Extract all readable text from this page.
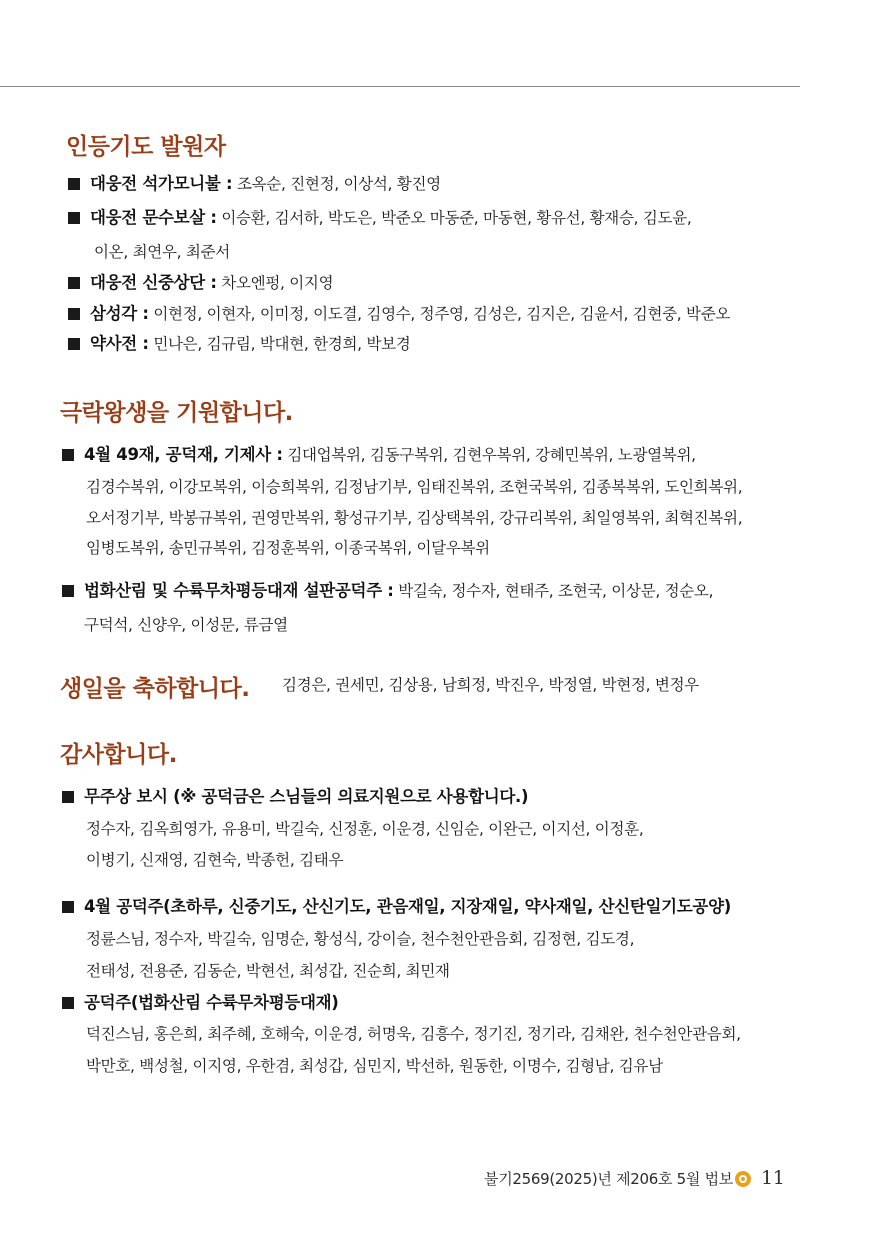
인등기도 발원자
대웅전 석가모니불 : 조옥순, 진현정, 이상석, 황진영
대웅전 문수보살 : 이승환, 김서하, 박도은, 박준오 마동준, 마동현, 황유선, 황재승, 김도윤,
이온, 최연우, 최준서
대웅전 신중상단 : 차오엔펑, 이지영
삼성각 : 이현정, 이현자, 이미정, 이도결, 김영수, 정주영, 김성은, 김지은, 김윤서, 김현중, 박준오
약사전 : 민나은, 김규림, 박대현, 한경희, 박보경
극락왕생을 기원합니다.
4월 49재, 공덕재, 기제사 : 김대업복위, 김동구복위, 김현우복위, 강혜민복위, 노광열복위,
김경수복위, 이강모복위, 이승희복위, 김정남기부, 임태진복위, 조현국복위, 김종복복위, 도인희복위,
오서정기부, 박봉규복위, 권영만복위, 황성규기부, 김상택복위, 강규리복위, 최일영복위, 최혁진복위,
임병도복위, 송민규복위, 김정훈복위, 이종국복위, 이달우복위
법화산림 및 수륙무차평등대재 설판공덕주 : 박길숙, 정수자, 현태주, 조현국, 이상문, 정순오,
구덕석, 신양우, 이성문, 류금열
생일을 축하합니다. 김경은, 권세민, 김상용, 남희정, 박진우, 박정열, 박현정, 변정우
감사합니다.
무주상 보시 (※ 공덕금은 스님들의 의료지원으로 사용합니다.)
정수자, 김옥희영가, 유용미, 박길숙, 신정훈, 이운경, 신임순, 이완근, 이지선, 이정훈,
이병기, 신재영, 김현숙, 박종헌, 김태우
4월 공덕주(초하루, 신중기도, 산신기도, 관음재일, 지장재일, 약사재일, 산신탄일기도공양)
정륜스님, 정수자, 박길숙, 임명순, 황성식, 강이슬, 천수천안관음회, 김정현, 김도경,
전태성, 전용준, 김동순, 박현선, 최성갑, 진순희, 최민재
공덕주(법화산림 수륙무차평등대재)
덕진스님, 홍은희, 최주혜, 호해숙, 이운경, 허명욱, 김흥수, 정기진, 정기라, 김채완, 천수천안관음회,
박만호, 백성철, 이지영, 우한겸, 최성갑, 심민지, 박선하, 원동한, 이명수, 김형남, 김유남
불기2569(2025)년 제206호 5월 법보 11
